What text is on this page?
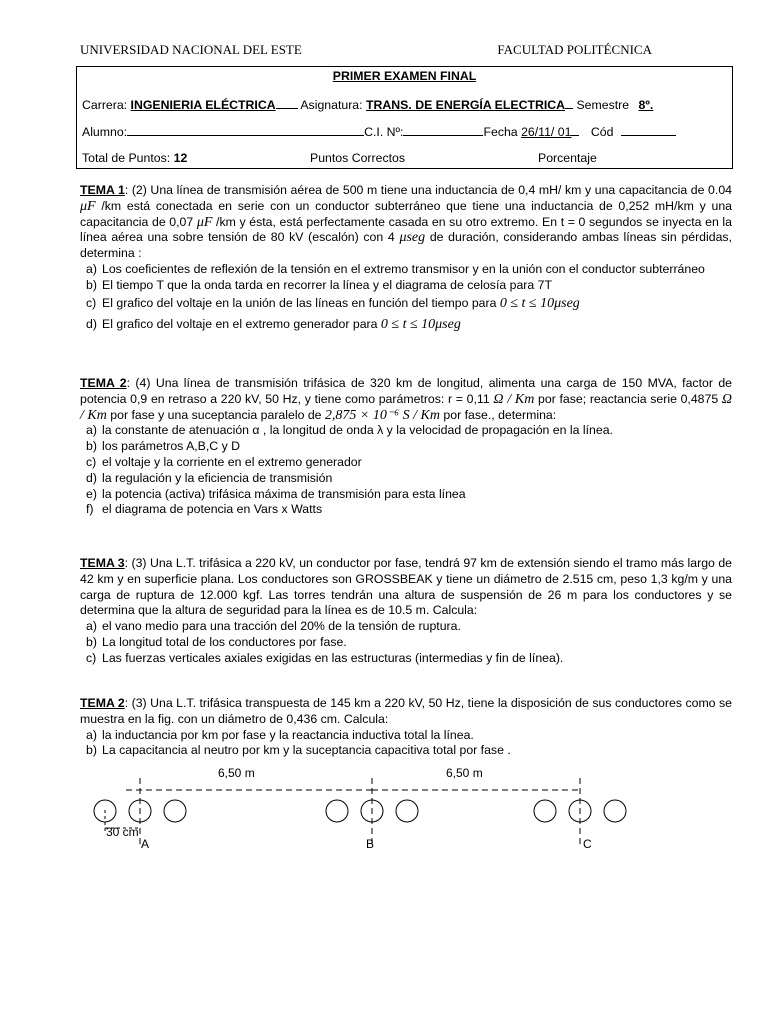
UNIVERSIDAD NACIONAL DEL ESTE	FACULTAD POLITÉCNICA
PRIMER EXAMEN FINAL
Carrera: INGENIERIA ELÉCTRICA Asignatura: TRANS. DE ENERGÍA ELECTRICA Semestre 8º.
Alumno:	C.I. Nº:	Fecha 26/11/ 01 Cód
Total de Puntos: 12	Puntos Correctos	Porcentaje

TEMA 1: (2) Una línea de transmisión aérea de 500 m tiene una inductancia de 0,4 mH/ km y una capacitancia de 0.04 μF /km está conectada en serie con un conductor subterráneo que tiene una inductancia de 0,252 mH/km y una capacitancia de 0,07 μF /km y ésta, está perfectamente casada en su otro extremo. En t = 0 segundos se inyecta en la línea aérea una sobre tensión de 80 kV (escalón) con 4 μseg de duración, considerando ambas líneas sin pérdidas, determina :

a) Los coeficientes de reflexión de la tensión en el extremo transmisor y en la unión con el conductor subterráneo
b) El tiempo T que la onda tarda en recorrer la línea y el diagrama de celosía para 7T
c) El grafico del voltaje en la unión de las líneas en función del tiempo para 0 ≤ t ≤ 10μseg
d) El grafico del voltaje en el extremo generador para 0 ≤ t ≤ 10μseg

TEMA 2: (4) Una línea de transmisión trifásica de 320 km de longitud, alimenta una carga de 150 MVA, factor de potencia 0,9 en retraso a 220 kV, 50 Hz, y tiene como parámetros: r = 0,11 Ω / Km por fase; reactancia serie 0,4875 Ω / Km por fase y una suceptancia paralelo de 2,875 × 10⁻⁶ S / Km por fase., determina:

a) la constante de atenuación α , la longitud de onda λ y la velocidad de propagación en la línea.
b) los parámetros A,B,C y D
c) el voltaje y la corriente en el extremo generador
d) la regulación y la eficiencia de transmisión
e) la potencia (activa) trifásica máxima de transmisión para esta línea
f) el diagrama de potencia en Vars x Watts

TEMA 3: (3) Una L.T. trifásica a 220 kV, un conductor por fase, tendrá 97 km de extensión siendo el tramo más largo de 42 km y en superficie plana. Los conductores son GROSSBEAK y tiene un diámetro de 2.515 cm, peso 1,3 kg/m y una carga de ruptura de 12.000 kgf. Las torres tendrán una altura de suspensión de 26 m para los conductores y se determina que la altura de seguridad para la línea es de 10.5 m. Calcula:

a) el vano medio para una tracción del 20% de la tensión de ruptura.
b) La longitud total de los conductores por fase.
c) Las fuerzas verticales axiales exigidas en las estructuras (intermedias y fin de línea).

TEMA 2: (3) Una L.T. trifásica transpuesta de 145 km a 220 kV, 50 Hz, tiene la disposición de sus conductores como se muestra en la fig. con un diámetro de 0,436 cm. Calcula:

a) la inductancia por km por fase y la reactancia inductiva total la línea.
b) La capacitancia al neutro por km y la suceptancia capacitiva total por fase .
6,50 m	6,50 m
30 cm
A	B	C
